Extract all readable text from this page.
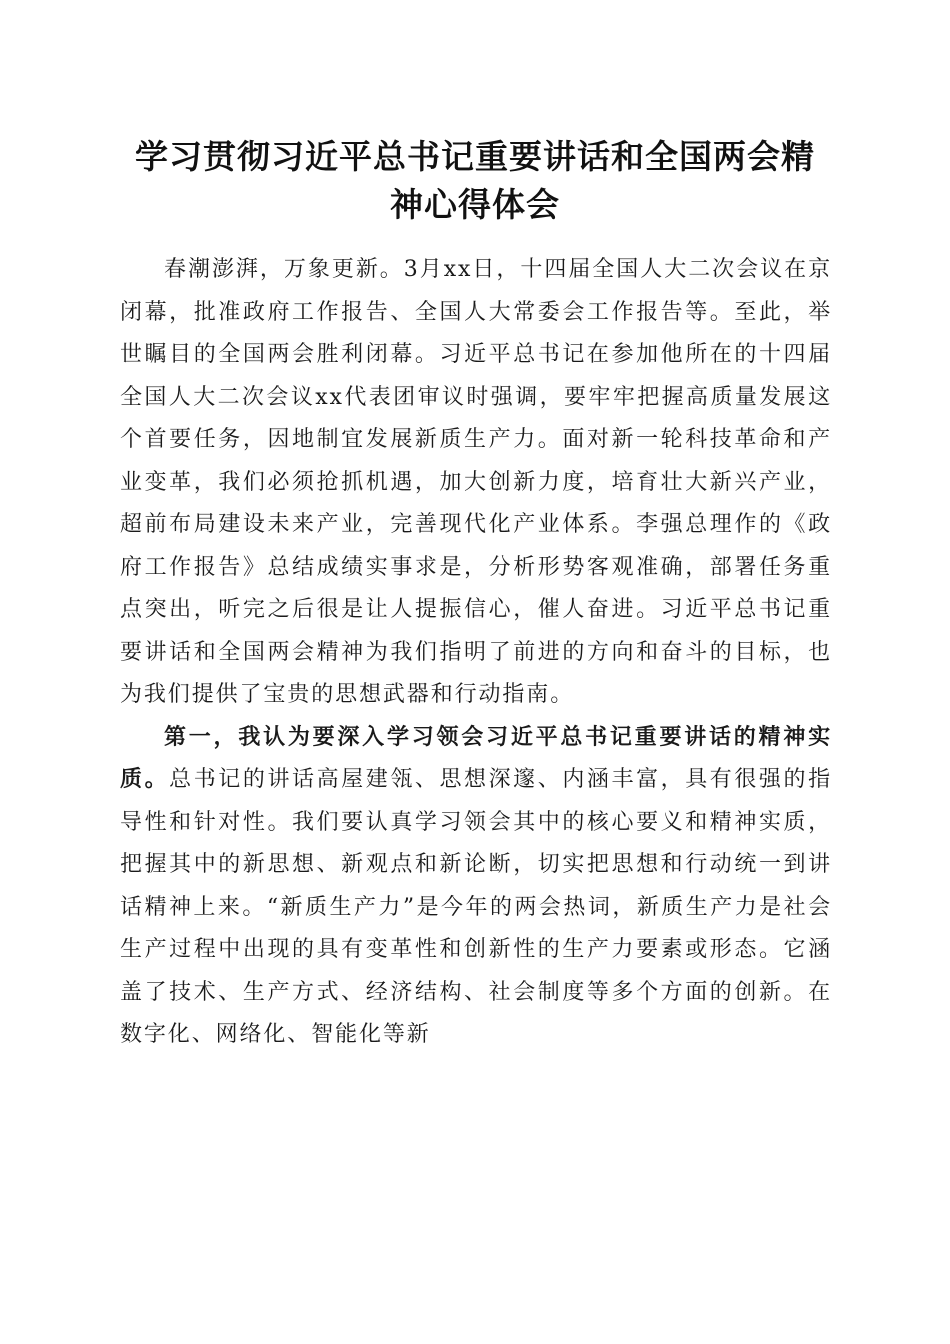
学习贯彻习近平总书记重要讲话和全国两会精
神心得体会

春潮澎湃，万象更新。3月xx日，十四届全国人大二次会议在京闭幕，批准政府工作报告、全国人大常委会工作报告等。至此，举世瞩目的全国两会胜利闭幕。习近平总书记在参加他所在的十四届全国人大二次会议xx代表团审议时强调，要牢牢把握高质量发展这个首要任务，因地制宜发展新质生产力。面对新一轮科技革命和产业变革，我们必须抢抓机遇，加大创新力度，培育壮大新兴产业，超前布局建设未来产业，完善现代化产业体系。李强总理作的《政府工作报告》总结成绩实事求是，分析形势客观准确，部署任务重点突出，听完之后很是让人提振信心，催人奋进。习近平总书记重要讲话和全国两会精神为我们指明了前进的方向和奋斗的目标，也为我们提供了宝贵的思想武器和行动指南。

第一，我认为要深入学习领会习近平总书记重要讲话的精神实质。总书记的讲话高屋建瓴、思想深邃、内涵丰富，具有很强的指导性和针对性。我们要认真学习领会其中的核心要义和精神实质，把握其中的新思想、新观点和新论断，切实把思想和行动统一到讲话精神上来。“新质生产力”是今年的两会热词，新质生产力是社会生产过程中出现的具有变革性和创新性的生产力要素或形态。它涵盖了技术、生产方式、经济结构、社会制度等多个方面的创新。在数字化、网络化、智能化等新
